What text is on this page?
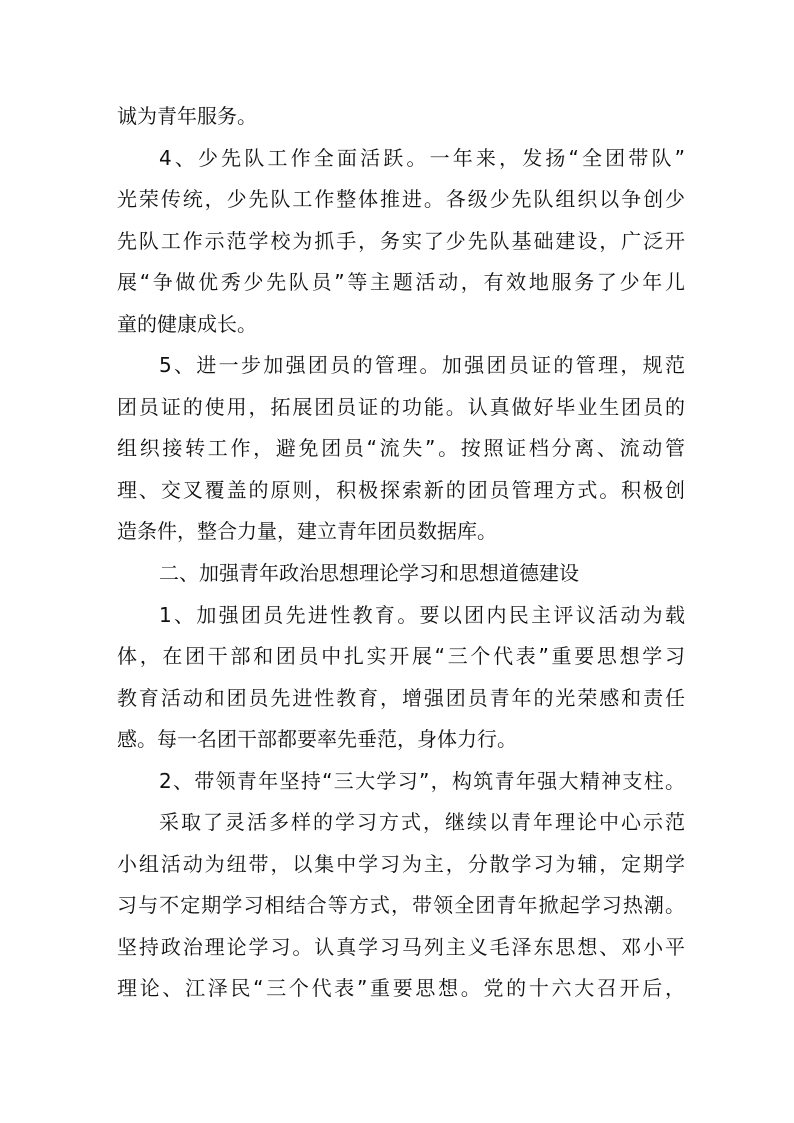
诚为青年服务。
4、少先队工作全面活跃。一年来，发扬“全团带队”
光荣传统，少先队工作整体推进。各级少先队组织以争创少
先队工作示范学校为抓手，务实了少先队基础建设，广泛开
展“争做优秀少先队员”等主题活动，有效地服务了少年儿
童的健康成长。
5、进一步加强团员的管理。加强团员证的管理，规范
团员证的使用，拓展团员证的功能。认真做好毕业生团员的
组织接转工作，避免团员“流失”。按照证档分离、流动管
理、交叉覆盖的原则，积极探索新的团员管理方式。积极创
造条件，整合力量，建立青年团员数据库。
二、加强青年政治思想理论学习和思想道德建设
1、加强团员先进性教育。要以团内民主评议活动为载
体，在团干部和团员中扎实开展“三个代表”重要思想学习
教育活动和团员先进性教育，增强团员青年的光荣感和责任
感。每一名团干部都要率先垂范，身体力行。
2、带领青年坚持“三大学习”，构筑青年强大精神支柱。
采取了灵活多样的学习方式，继续以青年理论中心示范
小组活动为纽带，以集中学习为主，分散学习为辅，定期学
习与不定期学习相结合等方式，带领全团青年掀起学习热潮。
坚持政治理论学习。认真学习马列主义毛泽东思想、邓小平
理论、江泽民“三个代表”重要思想。党的十六大召开后，
